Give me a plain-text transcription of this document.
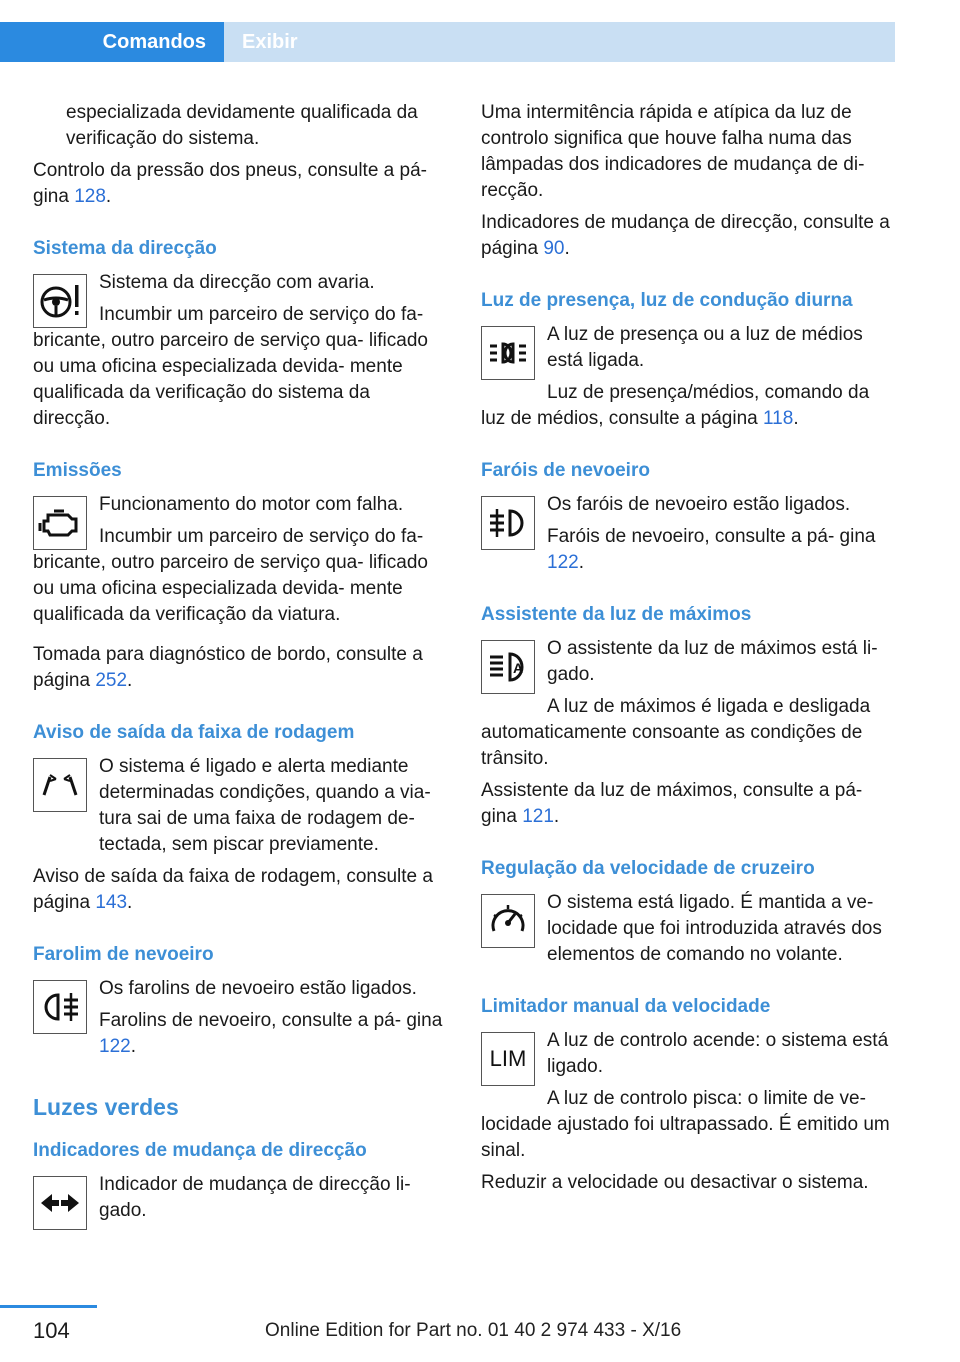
Comandos	Exibir

especializada devidamente qualificada da verificação do sistema.

Controlo da pressão dos pneus, consulte a pá‐ gina 128.

Sistema da direcção

Sistema da direcção com avaria.

Incumbir um parceiro de serviço do fa‐ bricante, outro parceiro de serviço qua‐ lificado ou uma oficina especializada devida‐ mente qualificada da verificação do sistema da direcção.

Emissões

Funcionamento do motor com falha.

Incumbir um parceiro de serviço do fa‐ bricante, outro parceiro de serviço qua‐ lificado ou uma oficina especializada devida‐ mente qualificada da verificação da viatura.

Tomada para diagnóstico de bordo, consulte a página 252.

Aviso de saída da faixa de rodagem

O sistema é ligado e alerta mediante determinadas condições, quando a via‐ tura sai de uma faixa de rodagem de‐ tectada, sem piscar previamente.

Aviso de saída da faixa de rodagem, consulte a página 143.

Farolim de nevoeiro

Os farolins de nevoeiro estão ligados.

Farolins de nevoeiro, consulte a pá‐ gina 122.

Luzes verdes
Indicadores de mudança de direcção

Indicador de mudança de direcção li‐ gado.

Uma intermitência rápida e atípica da luz de controlo significa que houve falha numa das lâmpadas dos indicadores de mudança de di‐ recção.

Indicadores de mudança de direcção, consulte a página 90.

Luz de presença, luz de condução diurna

A luz de presença ou a luz de médios está ligada.

Luz de presença/médios, comando da luz de médios, consulte a página 118.

Faróis de nevoeiro

Os faróis de nevoeiro estão ligados.

Faróis de nevoeiro, consulte a pá‐ gina 122.

Assistente da luz de máximos
A

O assistente da luz de máximos está li‐ gado.

A luz de máximos é ligada e desligada automaticamente consoante as condições de trânsito.

Assistente da luz de máximos, consulte a pá‐ gina 121.

Regulação da velocidade de cruzeiro

O sistema está ligado. É mantida a ve‐ locidade que foi introduzida através dos elementos de comando no volante.

Limitador manual da velocidade
LIM

A luz de controlo acende: o sistema está ligado.

A luz de controlo pisca: o limite de ve‐ locidade ajustado foi ultrapassado. É emitido um sinal.

Reduzir a velocidade ou desactivar o sistema.

104	Online Edition for Part no. 01 40 2 974 433 - X/16
